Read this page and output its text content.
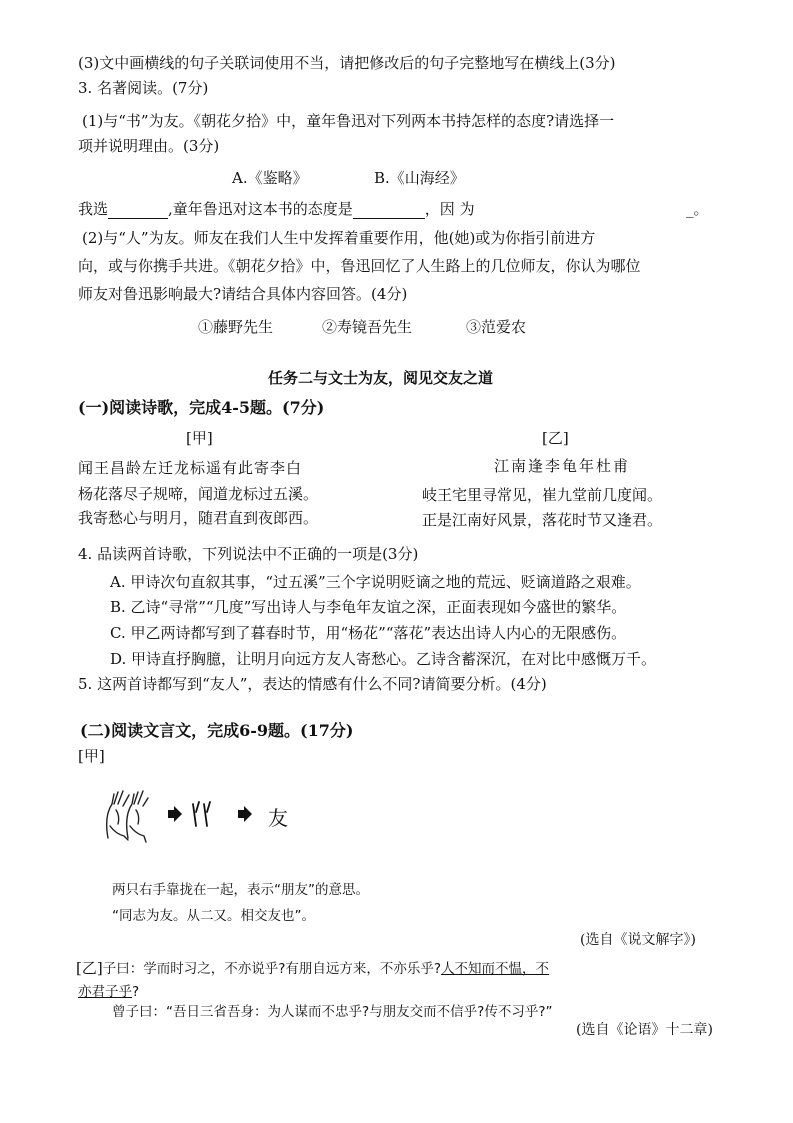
(3)文中画横线的句子关联词使用不当，请把修改后的句子完整地写在横线上(3分)
3. 名著阅读。(7分)
(1)与“书”为友。《朝花夕拾》中，童年鲁迅对下列两本书持怎样的态度?请选择一
项并说明理由。(3分)
A.《鉴略》	B.《山海经》
我选	,童年鲁迅对这本书的态度是	，因 为	_。
(2)与“人”为友。师友在我们人生中发挥着重要作用，他(她)或为你指引前进方
向，或与你携手共进。《朝花夕拾》中，鲁迅回忆了人生路上的几位师友，你认为哪位
师友对鲁迅影响最大?请结合具体内容回答。(4分)
①藤野先生	②寿镜吾先生	③范爱农
任务二与文士为友，阅见交友之道
(一)阅读诗歌，完成4-5题。(7分)
[甲]	[乙]
闻王昌龄左迁龙标遥有此寄李白	江南逢李龟年杜甫
杨花落尽子规啼，闻道龙标过五溪。	岐王宅里寻常见，崔九堂前几度闻。
我寄愁心与明月，随君直到夜郎西。	正是江南好风景，落花时节又逢君。
4. 品读两首诗歌，下列说法中不正确的一项是(3分)
A. 甲诗次句直叙其事，“过五溪”三个字说明贬谪之地的荒远、贬谪道路之艰难。
B. 乙诗“寻常”“几度”写出诗人与李龟年友谊之深，正面表现如今盛世的繁华。
C. 甲乙两诗都写到了暮春时节，用“杨花”“落花”表达出诗人内心的无限感伤。
D. 甲诗直抒胸臆，让明月向远方友人寄愁心。乙诗含蓄深沉，在对比中感慨万千。
5. 这两首诗都写到“友人”，表达的情感有什么不同?请简要分析。(4分)
(二)阅读文言文，完成6-9题。(17分)
[甲]
友
两只右手靠拢在一起，表示“朋友”的意思。
“同志为友。从二又。相交友也”。
(选自《说文解字》)
[乙]子曰：学而时习之，不亦说乎?有朋自远方来，不亦乐乎?人不知而不愠，不
亦君子乎?
曾子曰：“吾日三省吾身：为人谋而不忠乎?与朋友交而不信乎?传不习乎?”
(选自《论语》十二章)
